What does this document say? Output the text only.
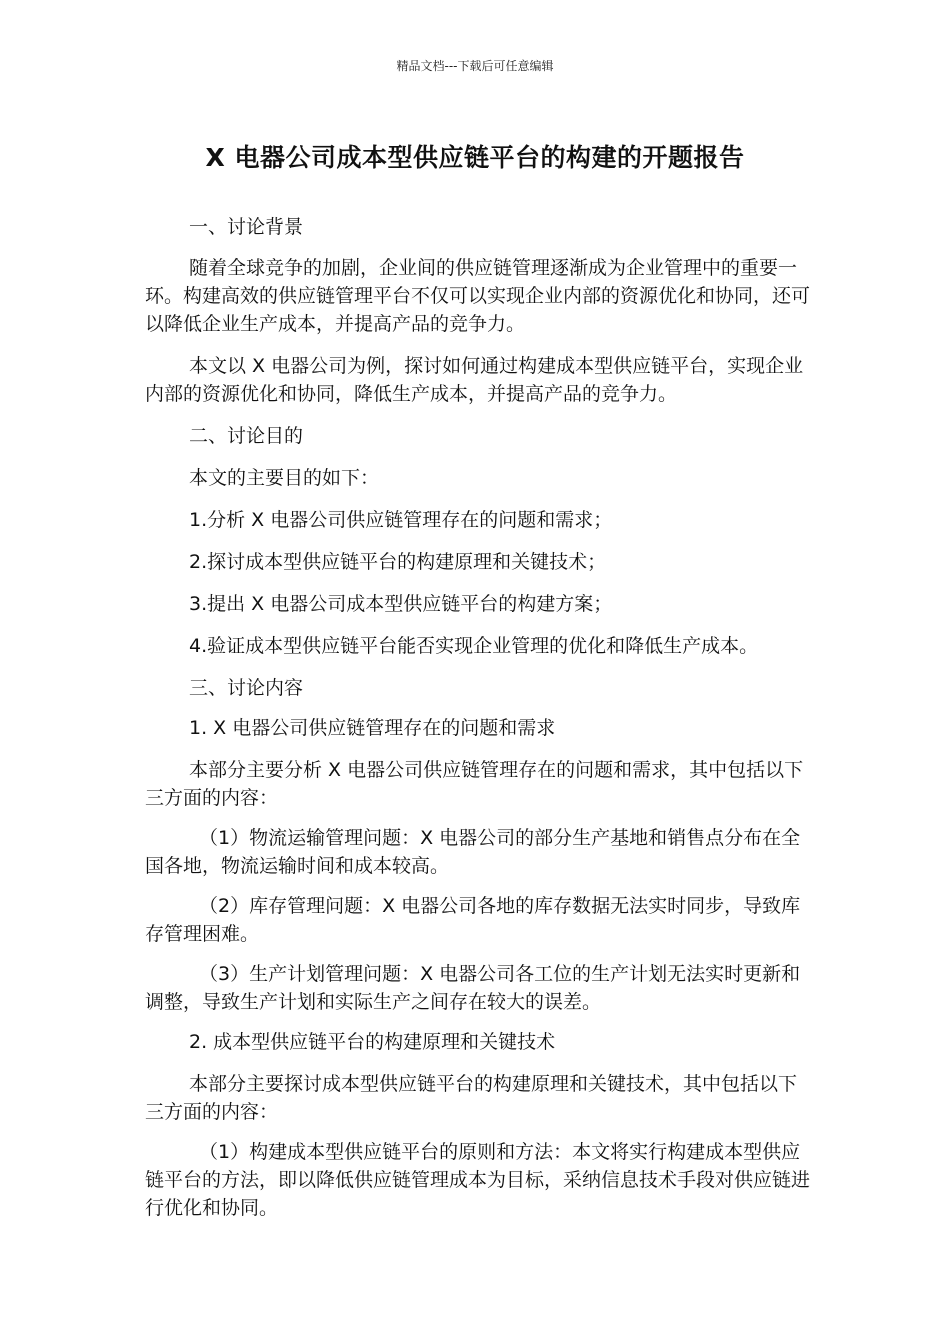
精品文档---下载后可任意编辑
X 电器公司成本型供应链平台的构建的开题报告

一、讨论背景

随着全球竞争的加剧，企业间的供应链管理逐渐成为企业管理中的重要一环。构建高效的供应链管理平台不仅可以实现企业内部的资源优化和协同，还可以降低企业生产成本，并提高产品的竞争力。

本文以 X 电器公司为例，探讨如何通过构建成本型供应链平台，实现企业内部的资源优化和协同，降低生产成本，并提高产品的竞争力。

二、讨论目的

本文的主要目的如下：

1.分析 X 电器公司供应链管理存在的问题和需求；

2.探讨成本型供应链平台的构建原理和关键技术；

3.提出 X 电器公司成本型供应链平台的构建方案；

4.验证成本型供应链平台能否实现企业管理的优化和降低生产成本。

三、讨论内容

1. X 电器公司供应链管理存在的问题和需求

本部分主要分析 X 电器公司供应链管理存在的问题和需求，其中包括以下三方面的内容：

（1）物流运输管理问题：X 电器公司的部分生产基地和销售点分布在全国各地，物流运输时间和成本较高。

（2）库存管理问题：X 电器公司各地的库存数据无法实时同步，导致库存管理困难。

（3）生产计划管理问题：X 电器公司各工位的生产计划无法实时更新和调整，导致生产计划和实际生产之间存在较大的误差。

2. 成本型供应链平台的构建原理和关键技术

本部分主要探讨成本型供应链平台的构建原理和关键技术，其中包括以下三方面的内容：

（1）构建成本型供应链平台的原则和方法：本文将实行构建成本型供应链平台的方法，即以降低供应链管理成本为目标，采纳信息技术手段对供应链进行优化和协同。
